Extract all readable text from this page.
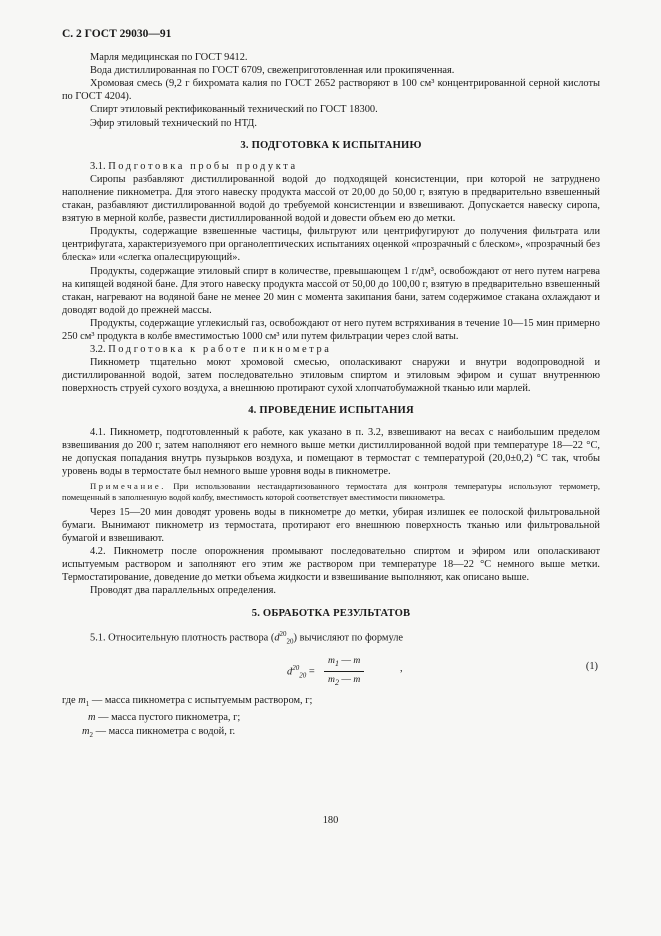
С. 2 ГОСТ 29030—91

Марля медицинская по ГОСТ 9412.

Вода дистиллированная по ГОСТ 6709, свежеприготовленная или прокипяченная.

Хромовая смесь (9,2 г бихромата калия по ГОСТ 2652 растворяют в 100 см³ концентрированной серной кислоты по ГОСТ 4204).

Спирт этиловый ректификованный технический по ГОСТ 18300.

Эфир этиловый технический по НТД.

3. ПОДГОТОВКА К ИСПЫТАНИЮ

3.1. Подготовка пробы продукта

Сиропы разбавляют дистиллированной водой до подходящей консистенции, при которой не затруднено наполнение пикнометра. Для этого навеску продукта массой от 20,00 до 50,00 г, взятую в предварительно взвешенный стакан, разбавляют дистиллированной водой до требуемой консистенции и взвешивают. Допускается навеску сиропа, взятую в мерной колбе, развести дистиллированной водой и довести объем ею до метки.

Продукты, содержащие взвешенные частицы, фильтруют или центрифугируют до получения фильтрата или центрифугата, характеризуемого при органолептических испытаниях оценкой «прозрачный с блеском», «прозрачный без блеска» или «слегка опалесцирующий».

Продукты, содержащие этиловый спирт в количестве, превышающем 1 г/дм³, освобождают от него путем нагрева на кипящей водяной бане. Для этого навеску продукта массой от 50,00 до 100,00 г, взятую в предварительно взвешенный стакан, нагревают на водяной бане не менее 20 мин с момента закипания бани, затем содержимое стакана охлаждают и доводят водой до прежней массы.

Продукты, содержащие углекислый газ, освобождают от него путем встряхивания в течение 10—15 мин примерно 250 см³ продукта в колбе вместимостью 1000 см³ или путем фильтрации через слой ваты.

3.2. Подготовка к работе пикнометра

Пикнометр тщательно моют хромовой смесью, ополаскивают снаружи и внутри водопроводной и дистиллированной водой, затем последовательно этиловым спиртом и этиловым эфиром и сушат внутреннюю поверхность струей сухого воздуха, а внешнюю протирают сухой хлопчатобумажной тканью или марлей.

4. ПРОВЕДЕНИЕ ИСПЫТАНИЯ

4.1. Пикнометр, подготовленный к работе, как указано в п. 3.2, взвешивают на весах с наибольшим пределом взвешивания до 200 г, затем наполняют его немного выше метки дистиллированной водой при температуре 18—22 °С, не допуская попадания внутрь пузырьков воздуха, и помещают в термостат с температурой (20,0±0,2) °С так, чтобы уровень воды в термостате был немного выше уровня воды в пикнометре.

Примечание. При использовании нестандартизованного термостата для контроля температуры используют термометр, помещенный в заполненную водой колбу, вместимость которой соответствует вместимости пикнометра.

Через 15—20 мин доводят уровень воды в пикнометре до метки, убирая излишек ее полоской фильтровальной бумаги. Вынимают пикнометр из термостата, протирают его внешнюю поверхность тканью или фильтровальной бумагой и взвешивают.

4.2. Пикнометр после опорожнения промывают последовательно спиртом и эфиром или ополаскивают испытуемым раствором и заполняют его этим же раствором при температуре 18—22 °С немного выше метки. Термостатирование, доведение до метки объема жидкости и взвешивание выполняют, как описано выше.

Проводят два параллельных определения.

5. ОБРАБОТКА РЕЗУЛЬТАТОВ

5.1. Относительную плотность раствора $(d^{20}_{20})$ вычисляют по формуле

$d^{20}_{20} = \frac{m_1 — m}{m_2 — m}$	,	(1)
где $m_1$ — масса пикнометра с испытуемым раствором, г;
m — масса пустого пикнометра, г;
$m_2$ — масса пикнометра с водой, г.
180
